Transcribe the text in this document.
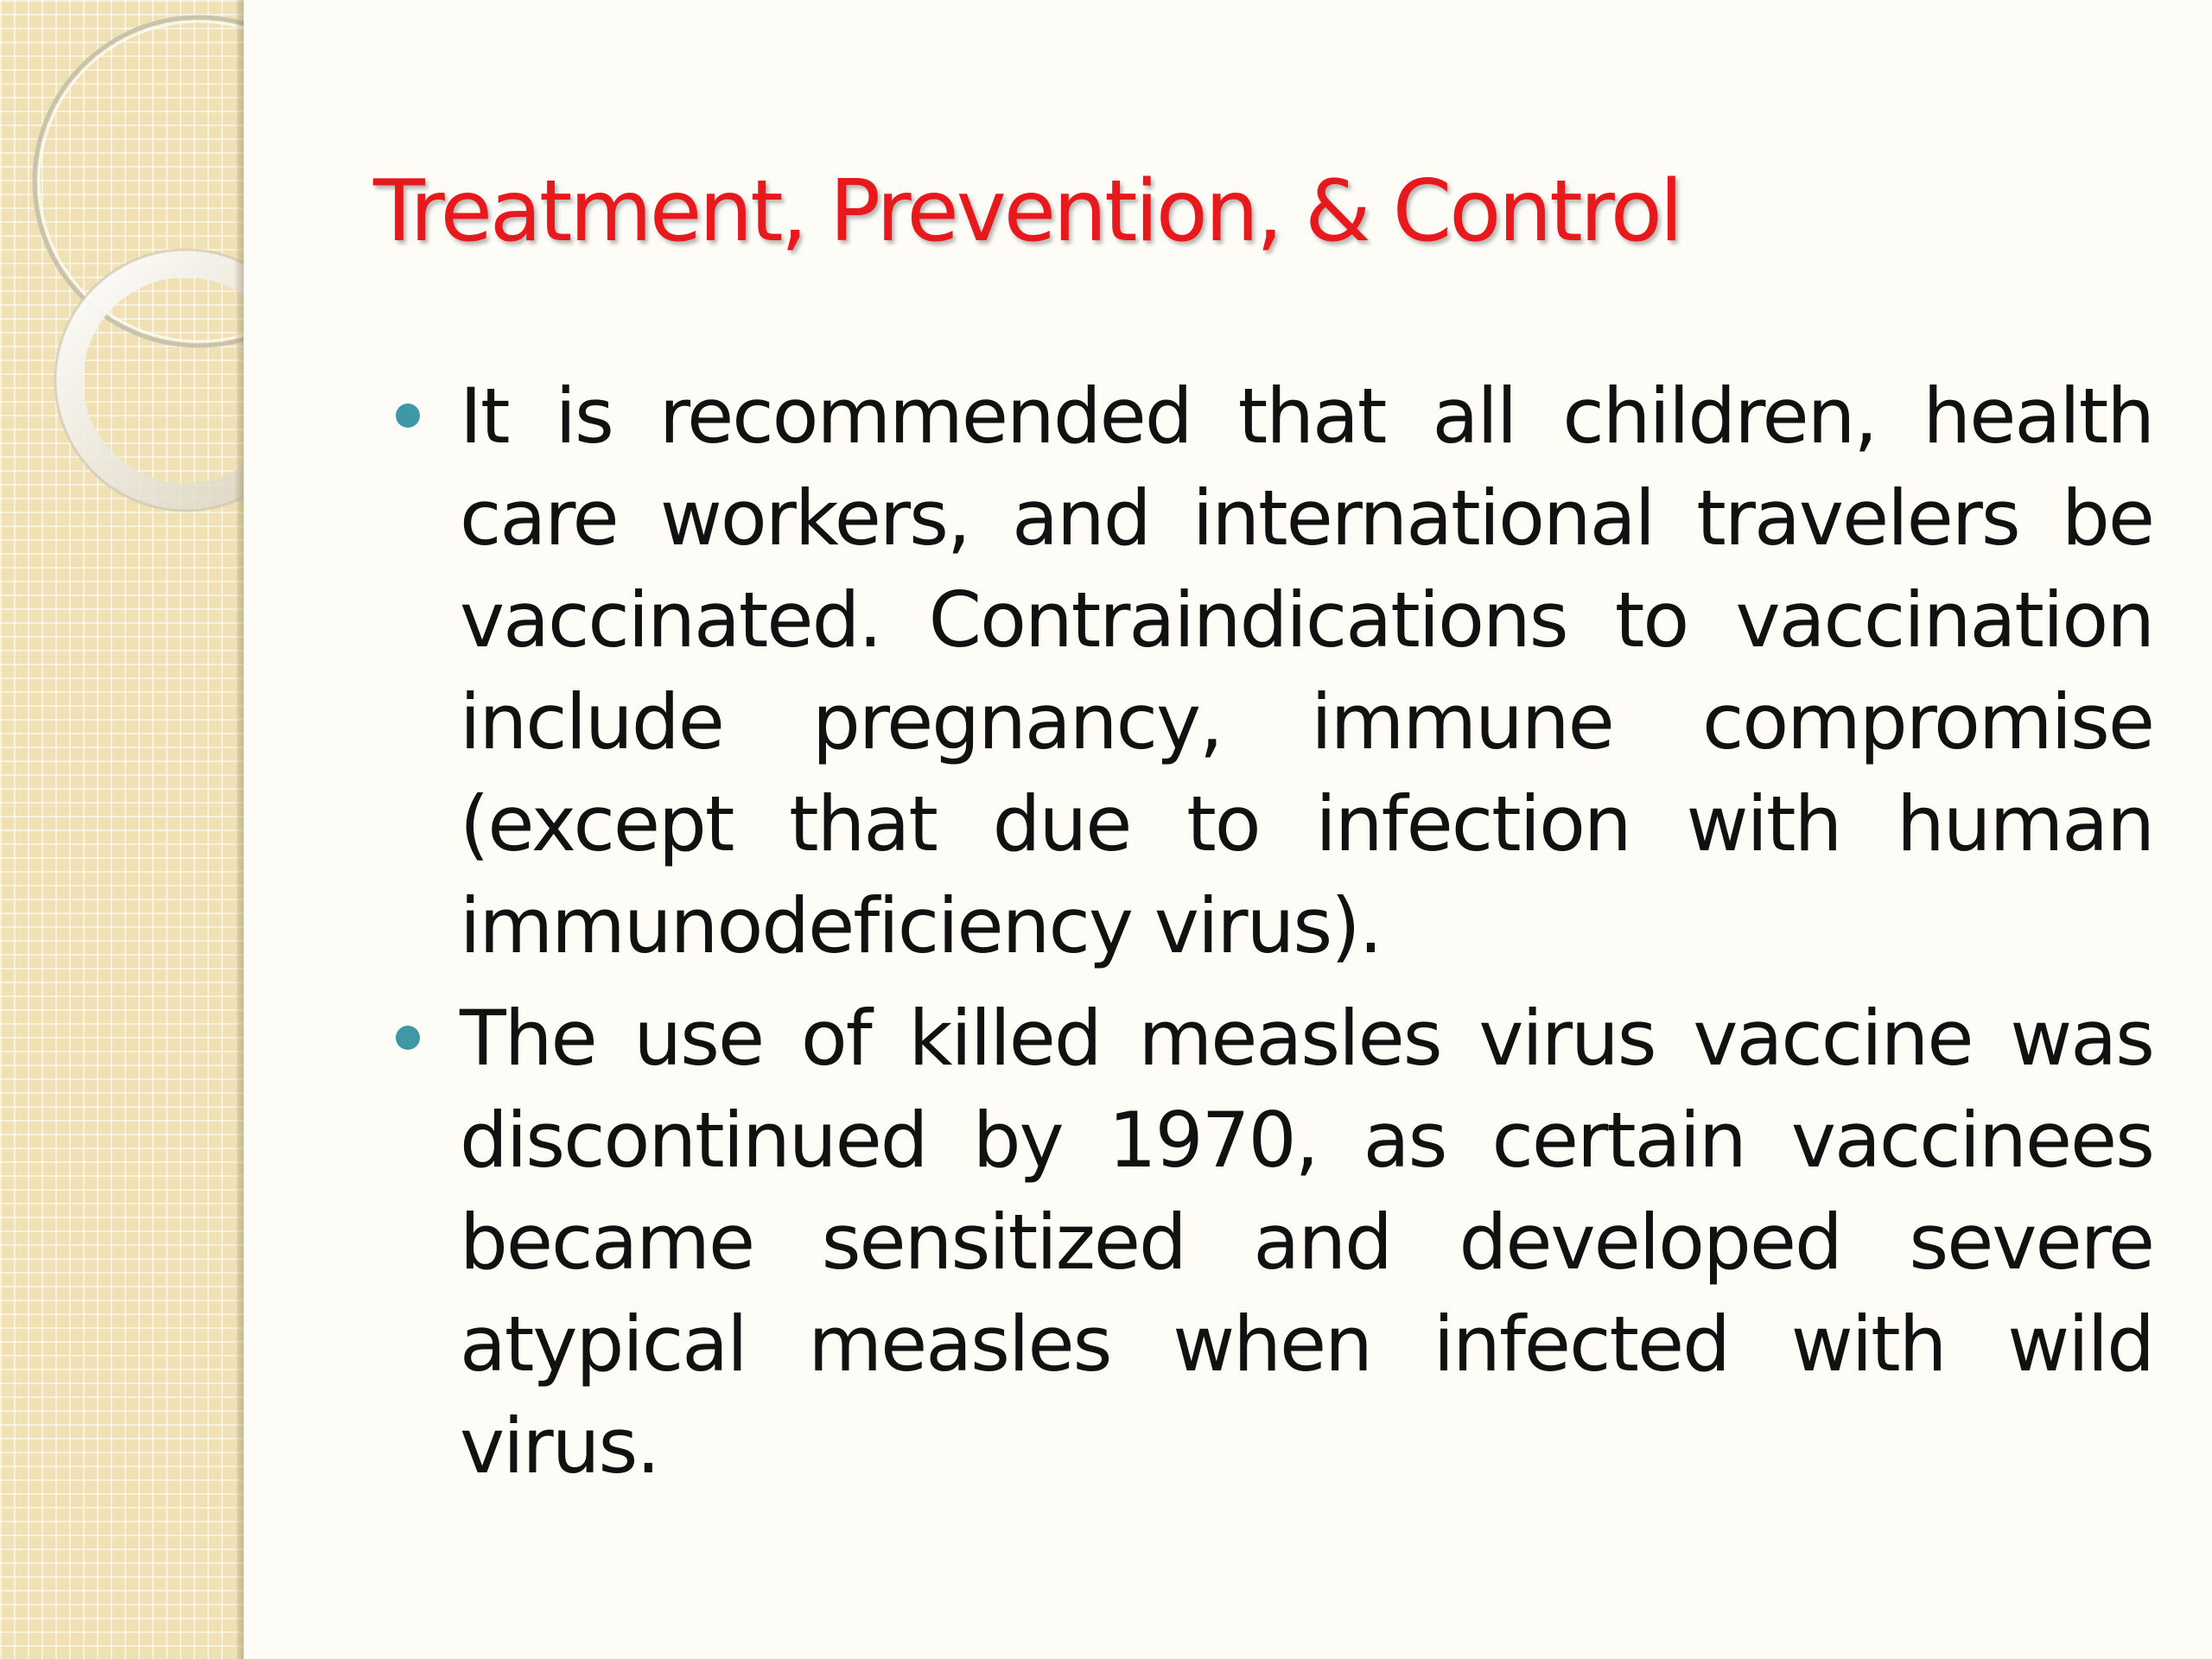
Treatment, Prevention, & Control
It is recommended that all children, health care workers, and international travelers be vaccinated. Contraindications to vaccination include pregnancy, immune compromise (except that due to infection with human immunodeficiency virus).
The use of killed measles virus vaccine was discontinued by 1970, as certain vaccinees became sensitized and developed severe atypical measles when infected with wild virus.
